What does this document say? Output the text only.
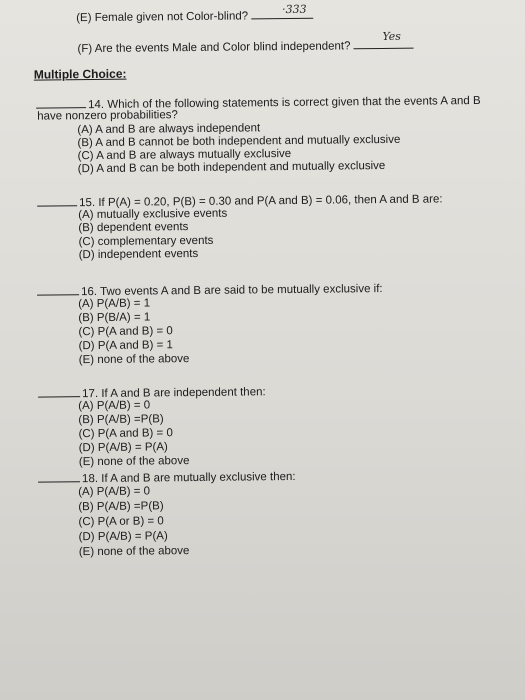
(E) Female given not Color-blind?
·333
(F) Are the events Male and Color blind independent?
Yes
Multiple Choice:
14. Which of the following statements is correct given that the events A and B
have nonzero probabilities?
(A) A and B are always independent
(B) A and B cannot be both independent and mutually exclusive
(C) A and B are always mutually exclusive
(D) A and B can be both independent and mutually exclusive
15. If P(A) = 0.20, P(B) = 0.30 and P(A and B) = 0.06, then A and B are:
(A) mutually exclusive events
(B) dependent events
(C) complementary events
(D) independent events
16. Two events A and B are said to be mutually exclusive if:
(A) P(A/B) = 1
(B) P(B/A) = 1
(C) P(A and B) = 0
(D) P(A and B) = 1
(E) none of the above
17. If A and B are independent then:
(A) P(A/B) = 0
(B) P(A/B) =P(B)
(C) P(A and B) = 0
(D) P(A/B) = P(A)
(E) none of the above
18. If A and B are mutually exclusive then:
(A) P(A/B) = 0
(B) P(A/B) =P(B)
(C) P(A or B) = 0
(D) P(A/B) = P(A)
(E) none of the above
